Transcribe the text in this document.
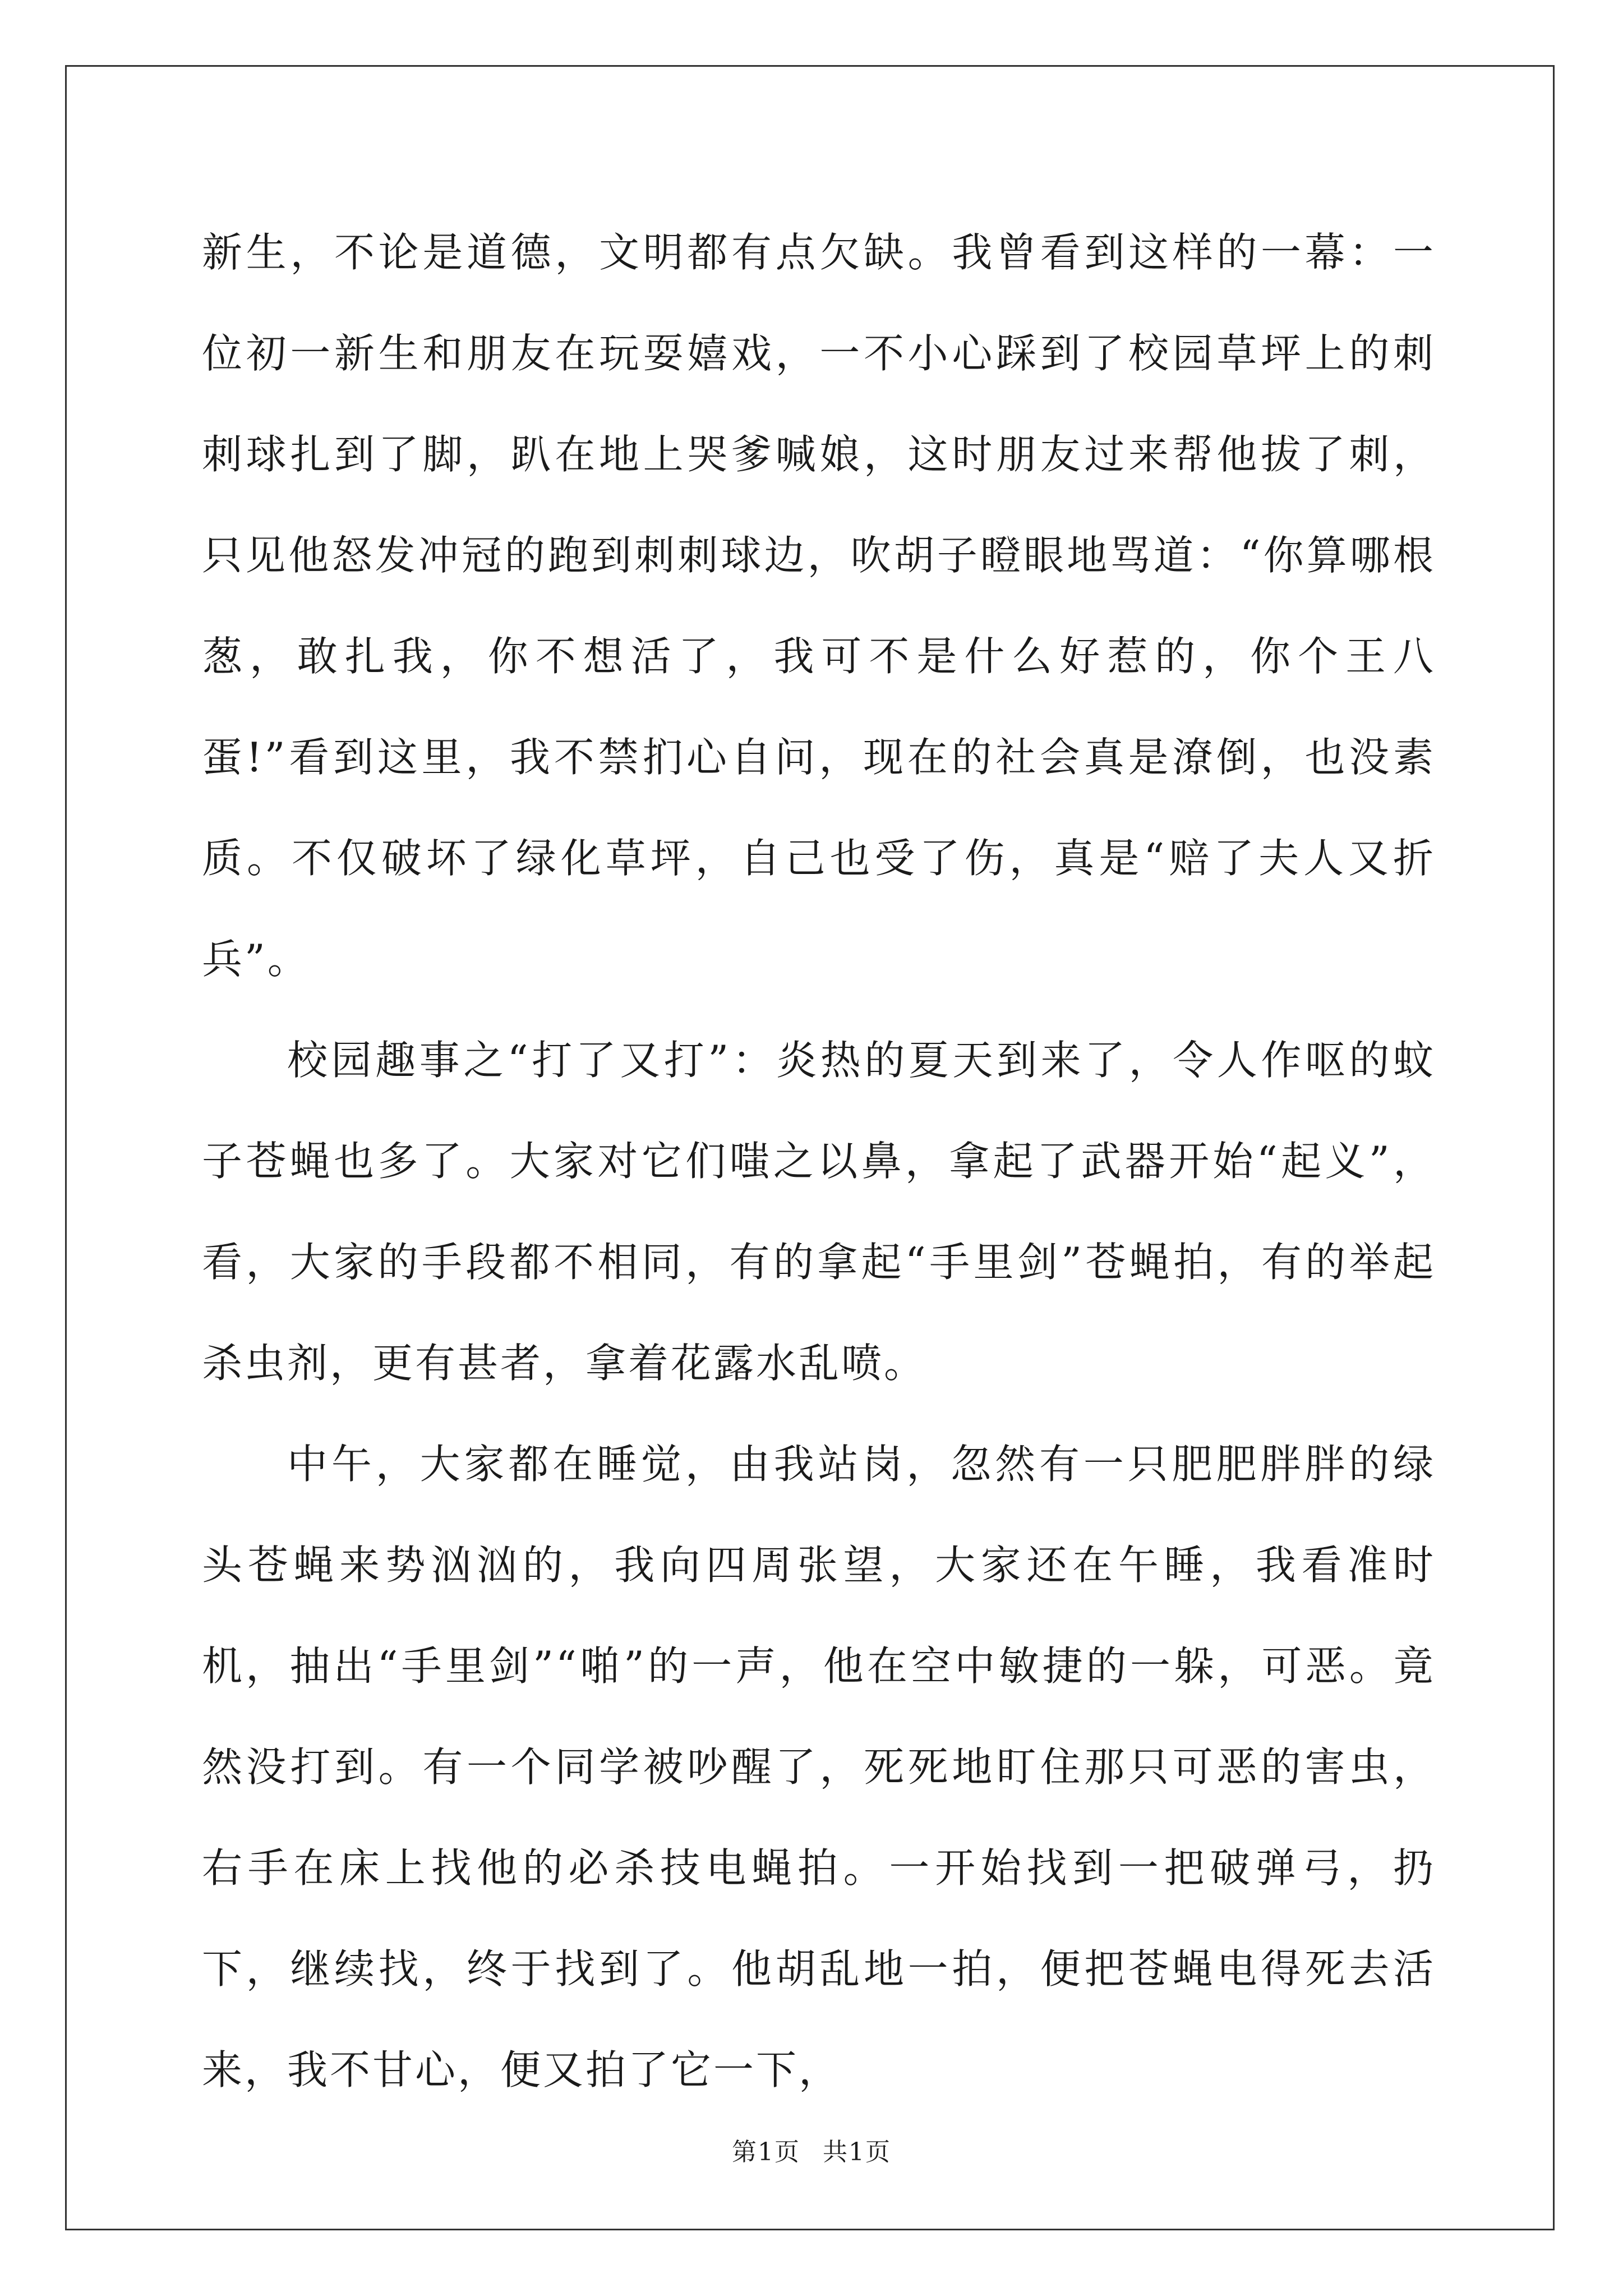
新生，不论是道德，文明都有点欠缺。我曾看到这样的一幕：一位初一新生和朋友在玩耍嬉戏，一不小心踩到了校园草坪上的刺刺球扎到了脚，趴在地上哭爹喊娘，这时朋友过来帮他拔了刺，只见他怒发冲冠的跑到刺刺球边，吹胡子瞪眼地骂道：“你算哪根葱，敢扎我，你不想活了，我可不是什么好惹的，你个王八蛋!”看到这里，我不禁扪心自问，现在的社会真是潦倒，也没素质。不仅破坏了绿化草坪，自己也受了伤，真是“赔了夫人又折兵”。

校园趣事之“打了又打”：炎热的夏天到来了，令人作呕的蚊子苍蝇也多了。大家对它们嗤之以鼻，拿起了武器开始“起义”，看，大家的手段都不相同，有的拿起“手里剑”苍蝇拍，有的举起杀虫剂，更有甚者，拿着花露水乱喷。

中午，大家都在睡觉，由我站岗，忽然有一只肥肥胖胖的绿头苍蝇来势汹汹的，我向四周张望，大家还在午睡，我看准时机，抽出“手里剑”“啪”的一声，他在空中敏捷的一躲，可恶。竟然没打到。有一个同学被吵醒了，死死地盯住那只可恶的害虫，右手在床上找他的必杀技电蝇拍。一开始找到一把破弹弓，扔下，继续找，终于找到了。他胡乱地一拍，便把苍蝇电得死去活来，我不甘心，便又拍了它一下，

第1页 共1页
